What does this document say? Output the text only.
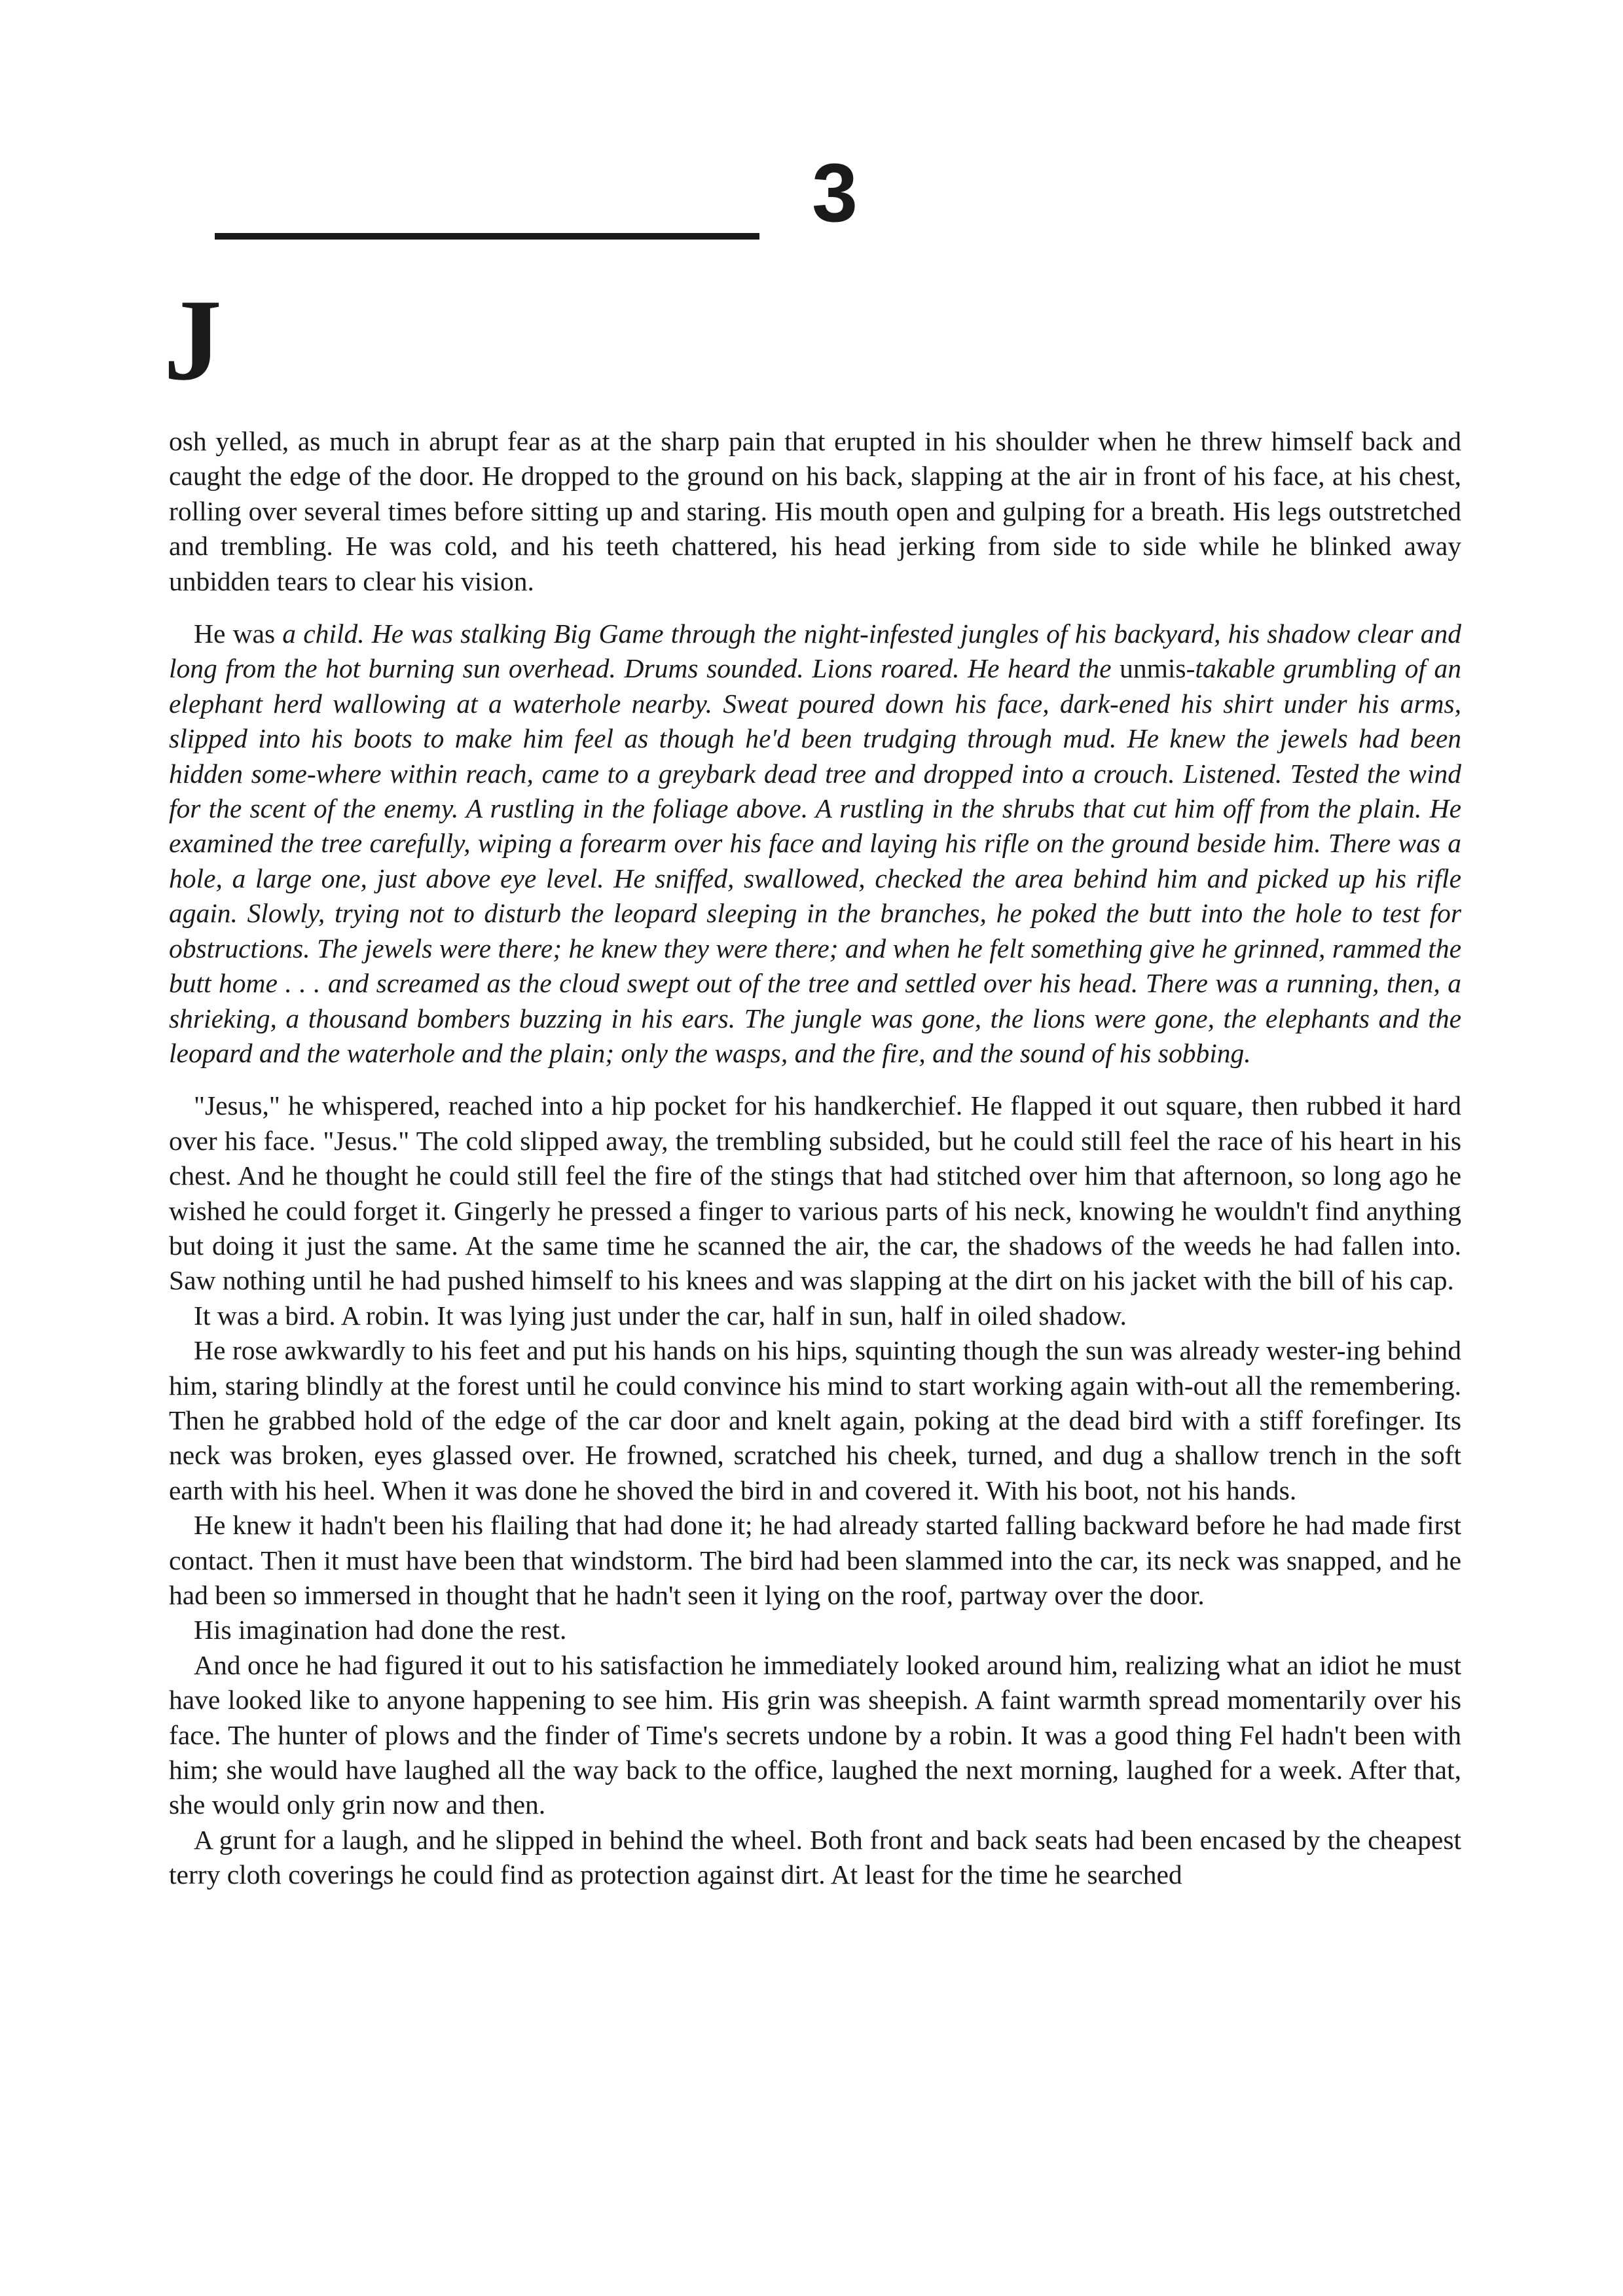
3
J

osh yelled, as much in abrupt fear as at the sharp pain that erupted in his shoulder when he threw himself back and caught the edge of the door. He dropped to the ground on his back, slapping at the air in front of his face, at his chest, rolling over several times before sitting up and staring. His mouth open and gulping for a breath. His legs outstretched and trembling. He was cold, and his teeth chattered, his head jerking from side to side while he blinked away unbidden tears to clear his vision.

He was a child. He was stalking Big Game through the night-infested jungles of his backyard, his shadow clear and long from the hot burning sun overhead. Drums sounded. Lions roared. He heard the unmis-takable grumbling of an elephant herd wallowing at a waterhole nearby. Sweat poured down his face, dark-ened his shirt under his arms, slipped into his boots to make him feel as though he'd been trudging through mud. He knew the jewels had been hidden some-where within reach, came to a greybark dead tree and dropped into a crouch. Listened. Tested the wind for the scent of the enemy. A rustling in the foliage above. A rustling in the shrubs that cut him off from the plain. He examined the tree carefully, wiping a forearm over his face and laying his rifle on the ground beside him. There was a hole, a large one, just above eye level. He sniffed, swallowed, checked the area behind him and picked up his rifle again. Slowly, trying not to disturb the leopard sleeping in the branches, he poked the butt into the hole to test for obstructions. The jewels were there; he knew they were there; and when he felt something give he grinned, rammed the butt home . . . and screamed as the cloud swept out of the tree and settled over his head. There was a running, then, a shrieking, a thousand bombers buzzing in his ears. The jungle was gone, the lions were gone, the elephants and the leopard and the waterhole and the plain; only the wasps, and the fire, and the sound of his sobbing.

"Jesus," he whispered, reached into a hip pocket for his handkerchief. He flapped it out square, then rubbed it hard over his face. "Jesus." The cold slipped away, the trembling subsided, but he could still feel the race of his heart in his chest. And he thought he could still feel the fire of the stings that had stitched over him that afternoon, so long ago he wished he could forget it. Gingerly he pressed a finger to various parts of his neck, knowing he wouldn't find anything but doing it just the same. At the same time he scanned the air, the car, the shadows of the weeds he had fallen into. Saw nothing until he had pushed himself to his knees and was slapping at the dirt on his jacket with the bill of his cap.

It was a bird. A robin. It was lying just under the car, half in sun, half in oiled shadow.

He rose awkwardly to his feet and put his hands on his hips, squinting though the sun was already wester-ing behind him, staring blindly at the forest until he could convince his mind to start working again with-out all the remembering. Then he grabbed hold of the edge of the car door and knelt again, poking at the dead bird with a stiff forefinger. Its neck was broken, eyes glassed over. He frowned, scratched his cheek, turned, and dug a shallow trench in the soft earth with his heel. When it was done he shoved the bird in and covered it. With his boot, not his hands.

He knew it hadn't been his flailing that had done it; he had already started falling backward before he had made first contact. Then it must have been that windstorm. The bird had been slammed into the car, its neck was snapped, and he had been so immersed in thought that he hadn't seen it lying on the roof, partway over the door.

His imagination had done the rest.

And once he had figured it out to his satisfaction he immediately looked around him, realizing what an idiot he must have looked like to anyone happening to see him. His grin was sheepish. A faint warmth spread momentarily over his face. The hunter of plows and the finder of Time's secrets undone by a robin. It was a good thing Fel hadn't been with him; she would have laughed all the way back to the office, laughed the next morning, laughed for a week. After that, she would only grin now and then.

A grunt for a laugh, and he slipped in behind the wheel. Both front and back seats had been encased by the cheapest terry cloth coverings he could find as protection against dirt. At least for the time he searched
